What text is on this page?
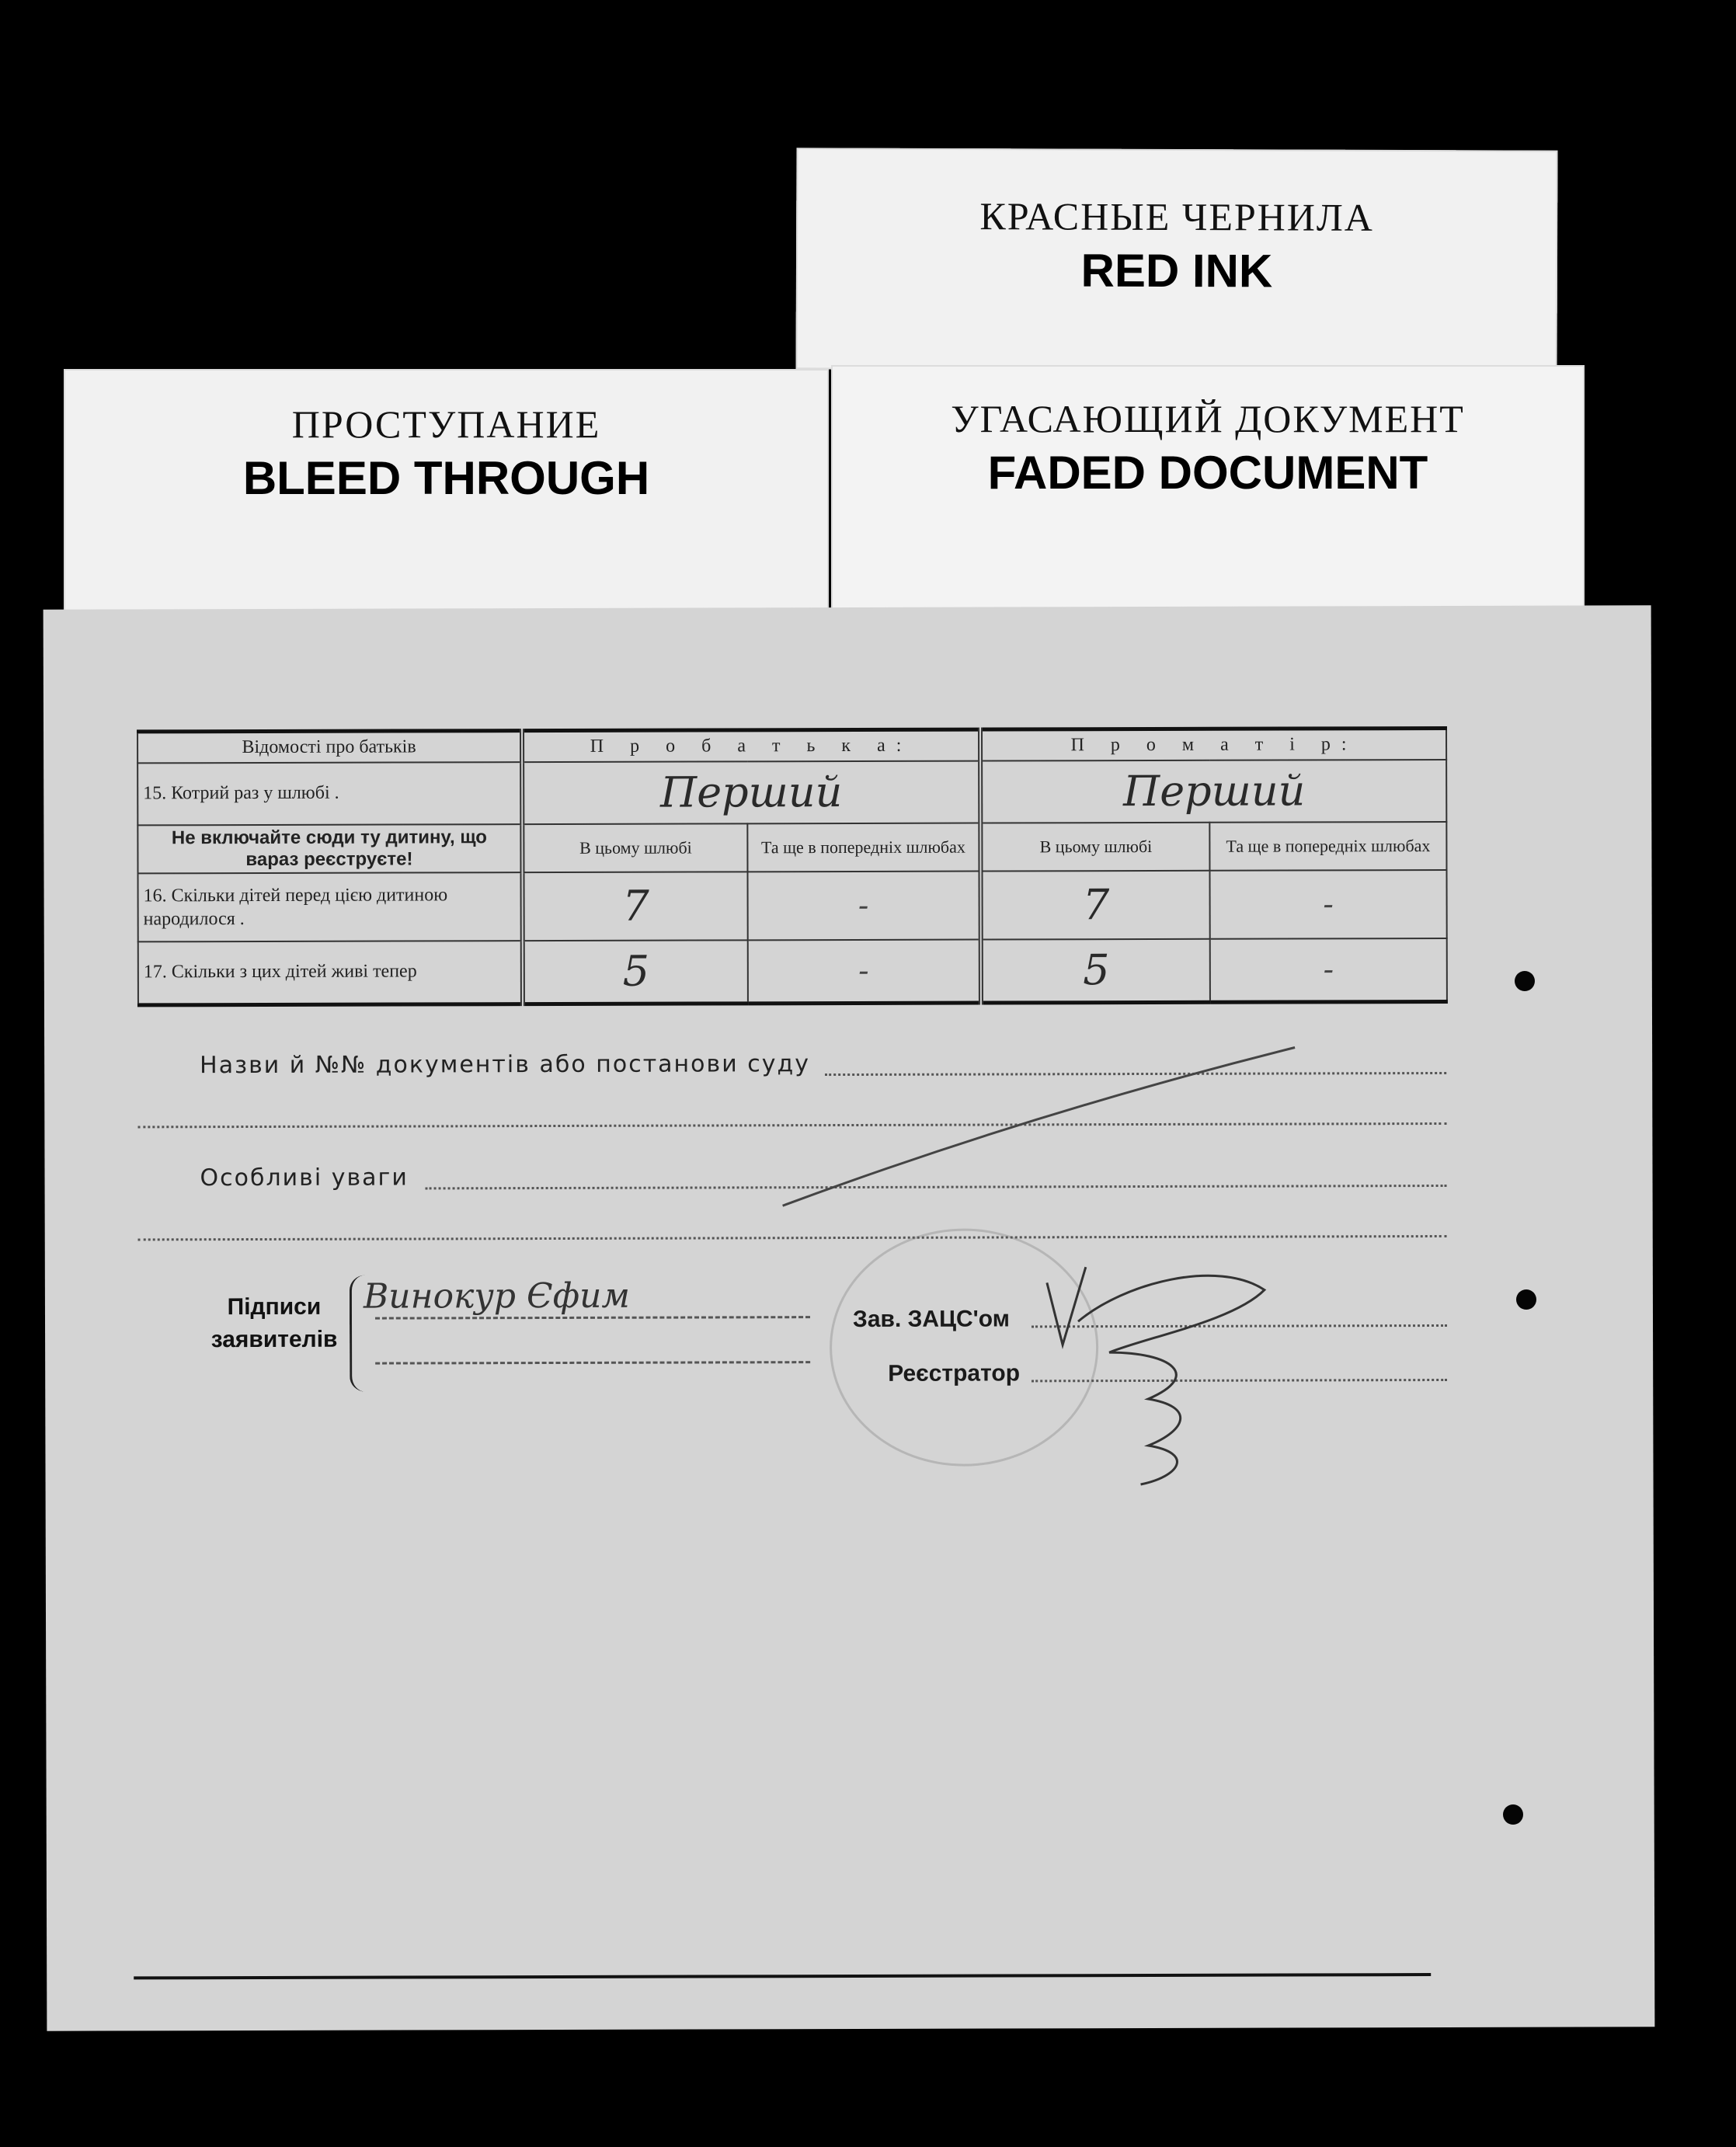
КРАСНЫЕ ЧЕРНИЛА
RED INK
ПРОСТУПАНИЕ
BLEED THROUGH
УГАСАЮЩИЙ ДОКУМЕНТ
FADED DOCUMENT
Відомості про батьків	П р о б а т ь к а:		П р о м а т і р:	
15. Котрий раз у шлюбі .	Перший		Перший	
Не включайте сюди ту дитину, що вараз реєструєте!	В цьому шлюбі	Та ще в попередніх шлюбах	В цьому шлюбі	Та ще в попередніх шлюбах
16. Скільки дітей перед цією дитиною народилося .	7	-	7	-
17. Скільки з цих дітей живі тепер	5	-	5	-
Назви й №№ документів або постанови суду
Особливі уваги
Підписи заявителів
Винокур Єфим
Зав. ЗАЦС'ом
Реєстратор
